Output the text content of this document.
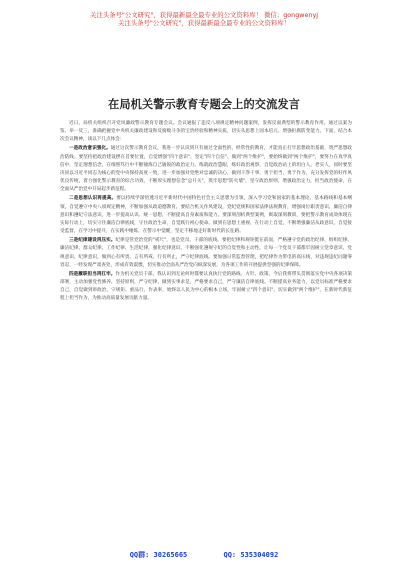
关注头条号"公文研究"，获得最新最全最专业的公文资料库！ 微信：gongwenyj
关注头条号"公文研究"，获得最新最全最专业的公文资料库！
在局机关警示教育专题会上的交流发言

近日，局机关组织召开党风廉政警示教育专题会议。会议通报了违反八项规定精神问题案例，发挥反面典型的警示教育作用。通过以案为鉴、举一反三，准确把握党中央机关廉政建设和反腐败斗争的宝贵经验和精神实质，切实从思想上固本培元、增强拒腐防变能力。下面，结合本次会议精神，谈以下几点体会：

一是政治意识强化。通过这次警示教育会议，我进一步认识到只有通过全面性的、经常性的教育，才能真正打牢思想政治基础，筑严思想政治防线。要坚持把政治建设摆在首要位置，自觉增强"四个意识"、坚定"四个自信"、做到"两个维护"，要始终做到"两个维护"，要努力在真学真信中，坚定理想信念，在细照笃行中不断锤炼自己敏锐的政治定力。练就政治慧眼，练好政治观察，自觉政治站上的坦白人。老实人，同时要坚决同以习近平同志为核心的党中央保持高度一致，进一步加强对党绝对忠诚的决心，做到干净干事，勇于担当，勇于作为，充分发挥党的好作风优良传统，着力强化警示教育的综合功效。不断厚实理想信念"总开关"，筑牢思想"防火墙"，坚守政治原则，增强政治定力，担当政治使命，在全面从严治党中开局起步新征程。

二是思想认识再提高。要以持续学深悟透习近平新时代中国特色社会主义思想为引领，深入学习党和国家的基本理论、基本路线和基本纲领，自觉遵守中央八项规定精神，不断加强从政道德教育。要结合机关作风建设，党纪党规和国家法律法规教育，增强岗位职责意识、廉洁自律意识和遵纪守法意识，进一步提高认识、统一思想，不断提高自身素质和能力。要深刻剖析典型案例，吸取深刻教训，要把警示教育成效体现在实际行动上，切实守住廉洁自律底线，守住政治生命，自觉践行初心使命。做到在思想上重视、在行动上自觉，不断增强廉洁从政意识，自觉接受监督，在学习中提升，在实践中锤炼，在警示中觉醒，坚定不移地走好新时代的长征路。

三是纪律建设再压实。纪律是管党治党的"戒尺"，也是党员、干部的底线。要把纪律和规矩挺在前面，严格遵守党的政治纪律、组织纪律、廉洁纪律、群众纪律、工作纪律、生活纪律，强化纪律意识，不断强化遵规守纪的自觉性和主动性。让每一个党员干部都牢固树立党章意识、党规意识、纪律意识，做到心有所畏、言有所戒、行有所止，严守纪律底线。要加强日常监督管理，把纪律作为带电的高压线，对违规违纪问题零容忍，一经发现严肃查处，形成有效震慑，切实推动全面从严治党向纵深发展，为各项工作的开展提供坚强的纪律保障。

四是履职担当再扛牢。作为机关党员干部，我认识到无论何时都要认真执行党的路线、方针、政策，今后我将带头贯彻落实党中央各项决策部署，主动加强党性修养，坚持原则，严守纪律，做到实事求是，严格要求自己，严守廉洁自律底线。不断提高业务能力，以党员标准严格要求自己，自觉做到讲政治、守规矩、重品行、作表率，始终以人民为中心的根本立场，牢固树立"四个意识"、切实做到"两个维护"，在新时代新征程上担当作为，为推动高质量发展贡献力量。

QQ群: 30265665	QQ: 535304092
